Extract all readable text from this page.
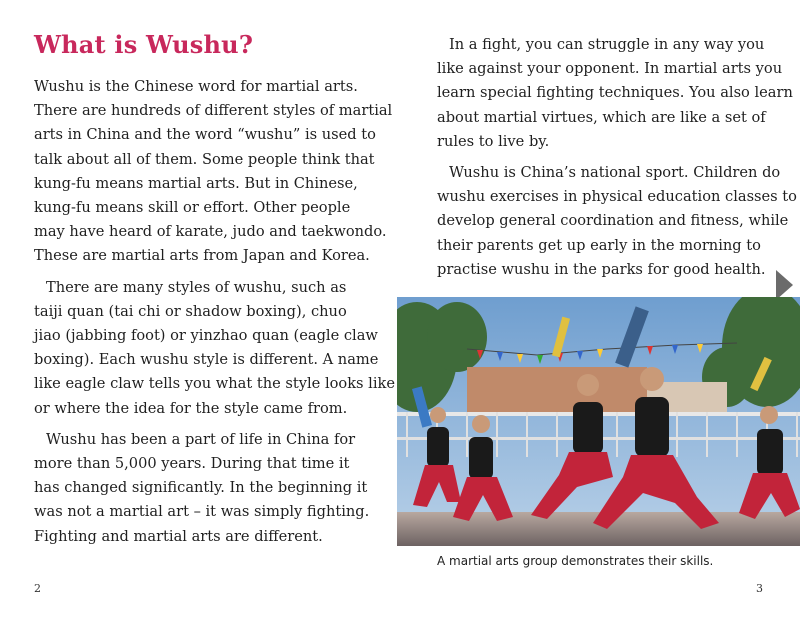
What is Wushu?

Wushu is the Chinese word for martial arts.
There are hundreds of different styles of martial
arts in China and the word “wushu” is used to
talk about all of them. Some people think that
kung-fu means martial arts. But in Chinese,
kung-fu means skill or effort. Other people
may have heard of karate, judo and taekwondo.
These are martial arts from Japan and Korea.

There are many styles of wushu, such as
taiji quan (tai chi or shadow boxing), chuo
jiao (jabbing foot) or yinzhao quan (eagle claw
boxing). Each wushu style is different. A name
like eagle claw tells you what the style looks like
or where the idea for the style came from.

Wushu has been a part of life in China for
more than 5,000 years. During that time it
has changed significantly. In the beginning it
was not a martial art – it was simply fighting.
Fighting and martial arts are different.

2

In a fight, you can struggle in any way you
like against your opponent. In martial arts you
learn special fighting techniques. You also learn
about martial virtues, which are like a set of
rules to live by.

Wushu is China’s national sport. Children do
wushu exercises in physical education classes to
develop general coordination and fitness, while
their parents get up early in the morning to
practise wushu in the parks for good health.

3

A martial arts group demonstrates their skills.
